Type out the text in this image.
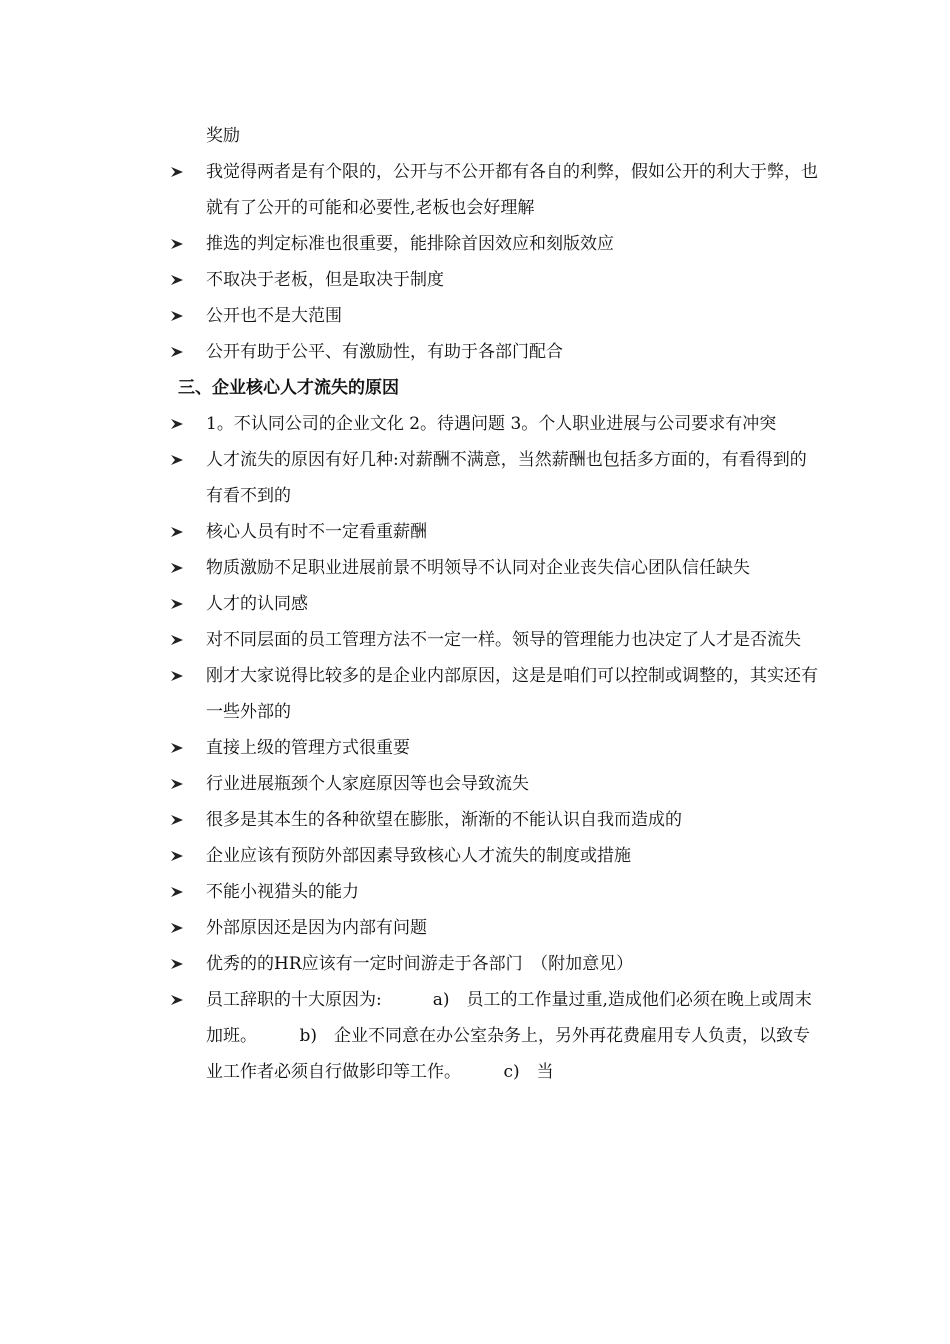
奖励
我觉得两者是有个限的，公开与不公开都有各自的利弊，假如公开的利大于弊，也就有了公开的可能和必要性,老板也会好理解
推选的判定标准也很重要，能排除首因效应和刻版效应
不取决于老板，但是取决于制度
公开也不是大范围
公开有助于公平、有激励性，有助于各部门配合
三、企业核心人才流失的原因
1。不认同公司的企业文化 2。待遇问题 3。个人职业进展与公司要求有冲突
人才流失的原因有好几种:对薪酬不满意，当然薪酬也包括多方面的，有看得到的有看不到的
核心人员有时不一定看重薪酬
物质激励不足职业进展前景不明领导不认同对企业丧失信心团队信任缺失
人才的认同感
对不同层面的员工管理方法不一定一样。领导的管理能力也决定了人才是否流失
刚才大家说得比较多的是企业内部原因，这是是咱们可以控制或调整的，其实还有一些外部的
直接上级的管理方式很重要
行业进展瓶颈个人家庭原因等也会导致流失
很多是其本生的各种欲望在膨胀，渐渐的不能认识自我而造成的
企业应该有预防外部因素导致核心人才流失的制度或措施
不能小视猎头的能力
外部原因还是因为内部有问题
优秀的的HR应该有一定时间游走于各部门　（附加意见）
员工辞职的十大原因为:　　　a)　员工的工作量过重,造成他们必须在晚上或周末加班。　　　b)　企业不同意在办公室杂务上，另外再花费雇用专人负责，以致专业工作者必须自行做影印等工作。　　　c)　当
